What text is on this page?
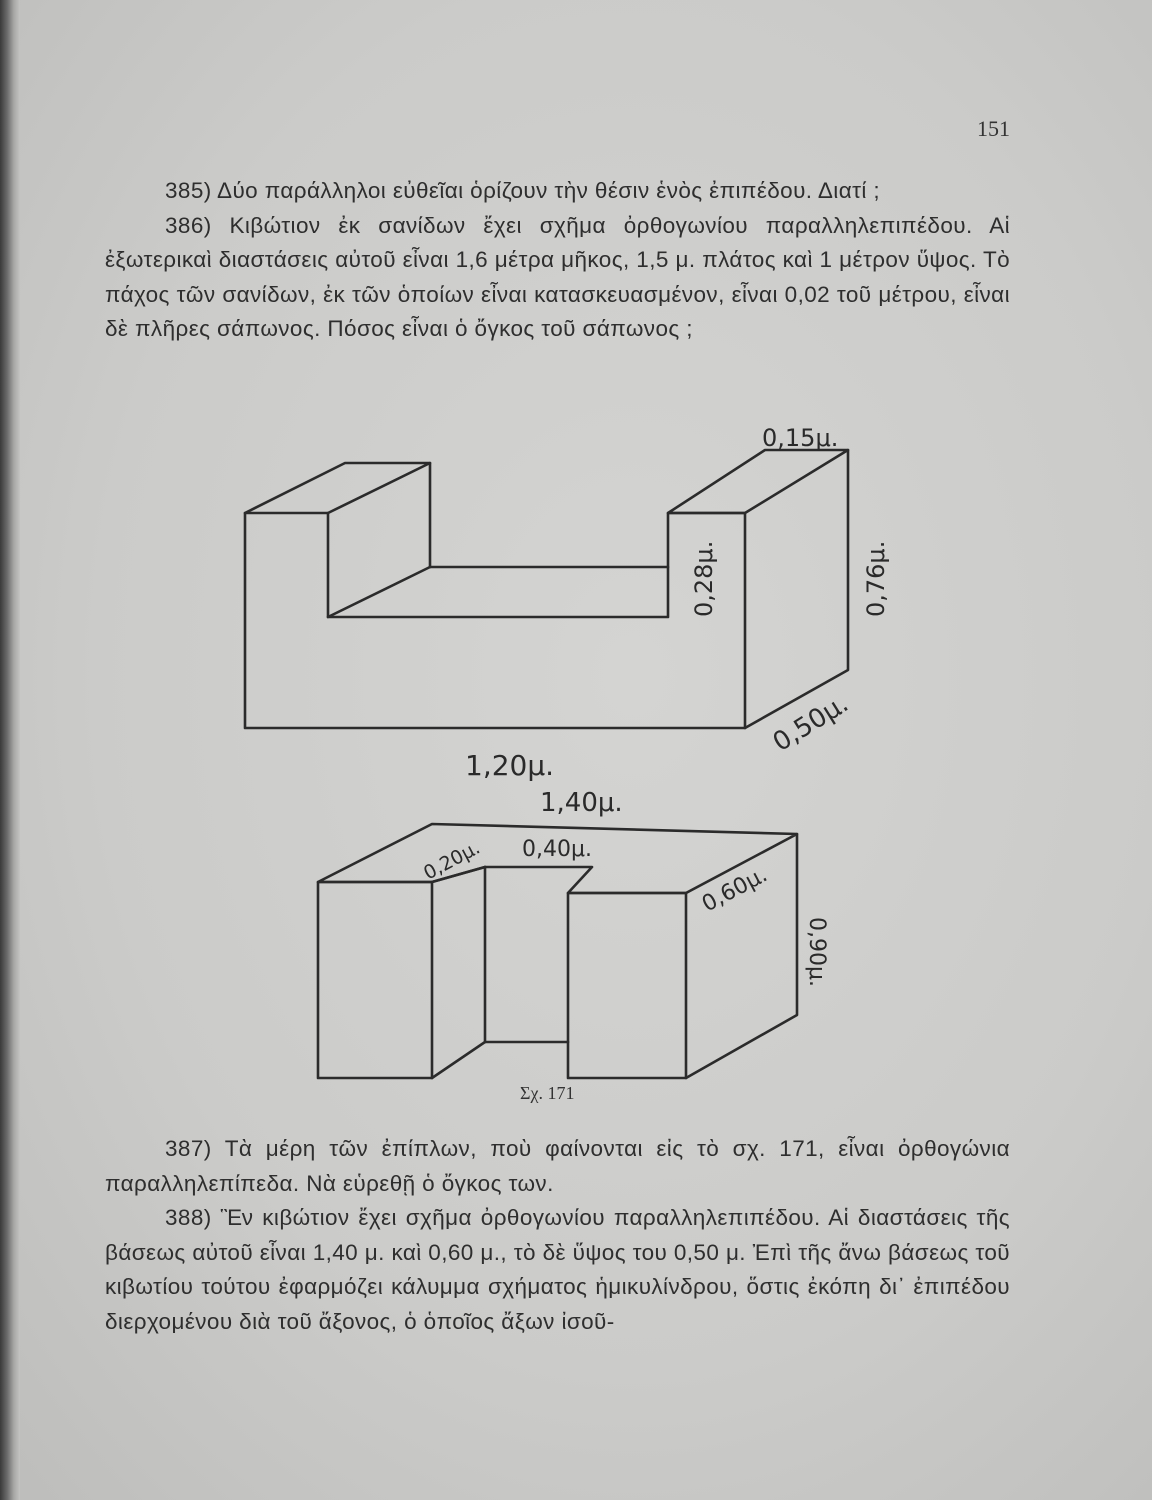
151

385) Δύο παράλληλοι εὐθεῖαι ὁρίζουν τὴν θέσιν ἑνὸς ἐπιπέδου. Διατί ;

386) Κιβώτιον ἐκ σανίδων ἔχει σχῆμα ὀρθογωνίου παραλληλεπιπέδου. Αἱ ἐξωτερικαὶ διαστάσεις αὐτοῦ εἶναι 1,6 μέτρα μῆκος, 1,5 μ. πλάτος καὶ 1 μέτρον ὕψος. Τὸ πάχος τῶν σανίδων, ἐκ τῶν ὁποίων εἶναι κατασκευασμένον, εἶναι 0,02 τοῦ μέτρου, εἶναι δὲ πλῆρες σάπωνος. Πόσος εἶναι ὁ ὄγκος τοῦ σάπωνος ;

0,15μ.
0,28μ.	0,76μ.
0,50μ.
1,20μ.
1,40μ.
0,20μ. 0,40μ.
0,60μ.
0,90μ.
Σχ. 171

387) Τὰ μέρη τῶν ἐπίπλων, ποὺ φαίνονται εἰς τὸ σχ. 171, εἶναι ὀρθογώνια παραλληλεπίπεδα. Νὰ εὑρεθῇ ὁ ὄγκος των.

388) Ἓν κιβώτιον ἔχει σχῆμα ὀρθογωνίου παραλληλεπιπέδου. Αἱ διαστάσεις τῆς βάσεως αὐτοῦ εἶναι 1,40 μ. καὶ 0,60 μ., τὸ δὲ ὕψος του 0,50 μ. Ἐπὶ τῆς ἄνω βάσεως τοῦ κιβωτίου τούτου ἐφαρμόζει κάλυμμα σχήματος ἡμικυλίνδρου, ὅστις ἐκόπη δι᾽ ἐπιπέδου διερχομένου διὰ τοῦ ἄξονος, ὁ ὁποῖος ἄξων ἰσοῦ-
